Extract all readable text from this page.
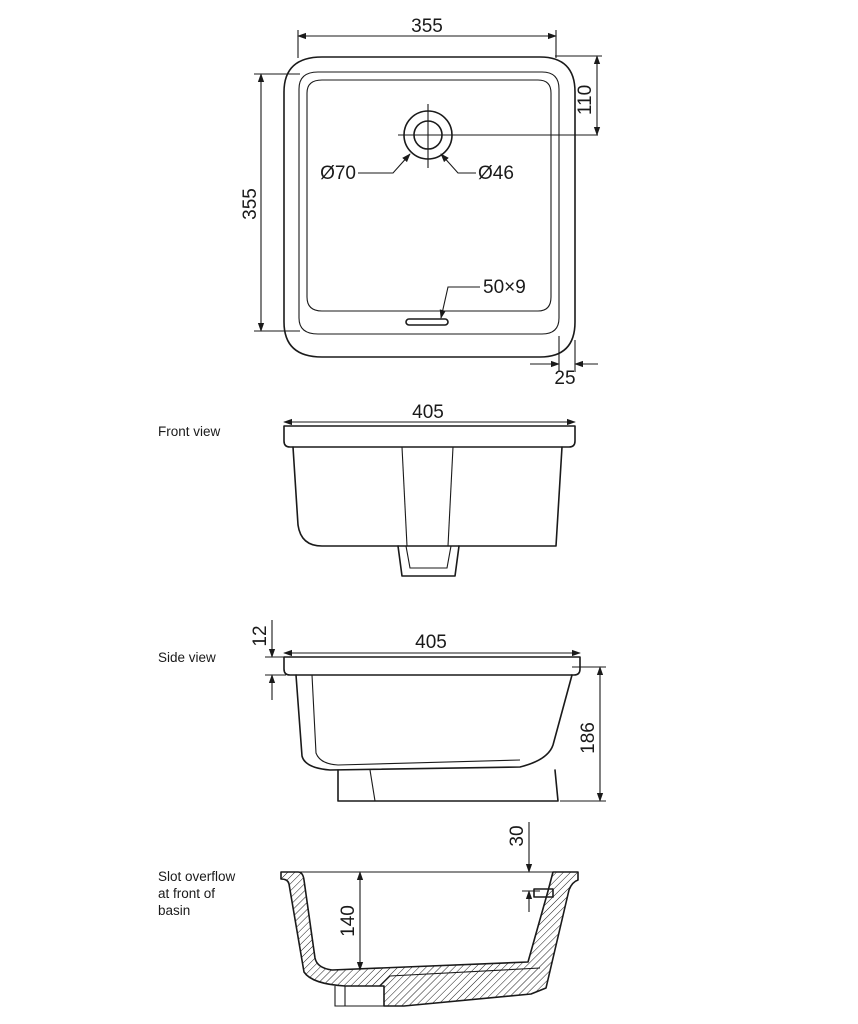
355
355
110
25
Ø70	Ø46
50×9
405
405
12
186
140
30
Front view
Side view
Slot overflow
at front of
basin
